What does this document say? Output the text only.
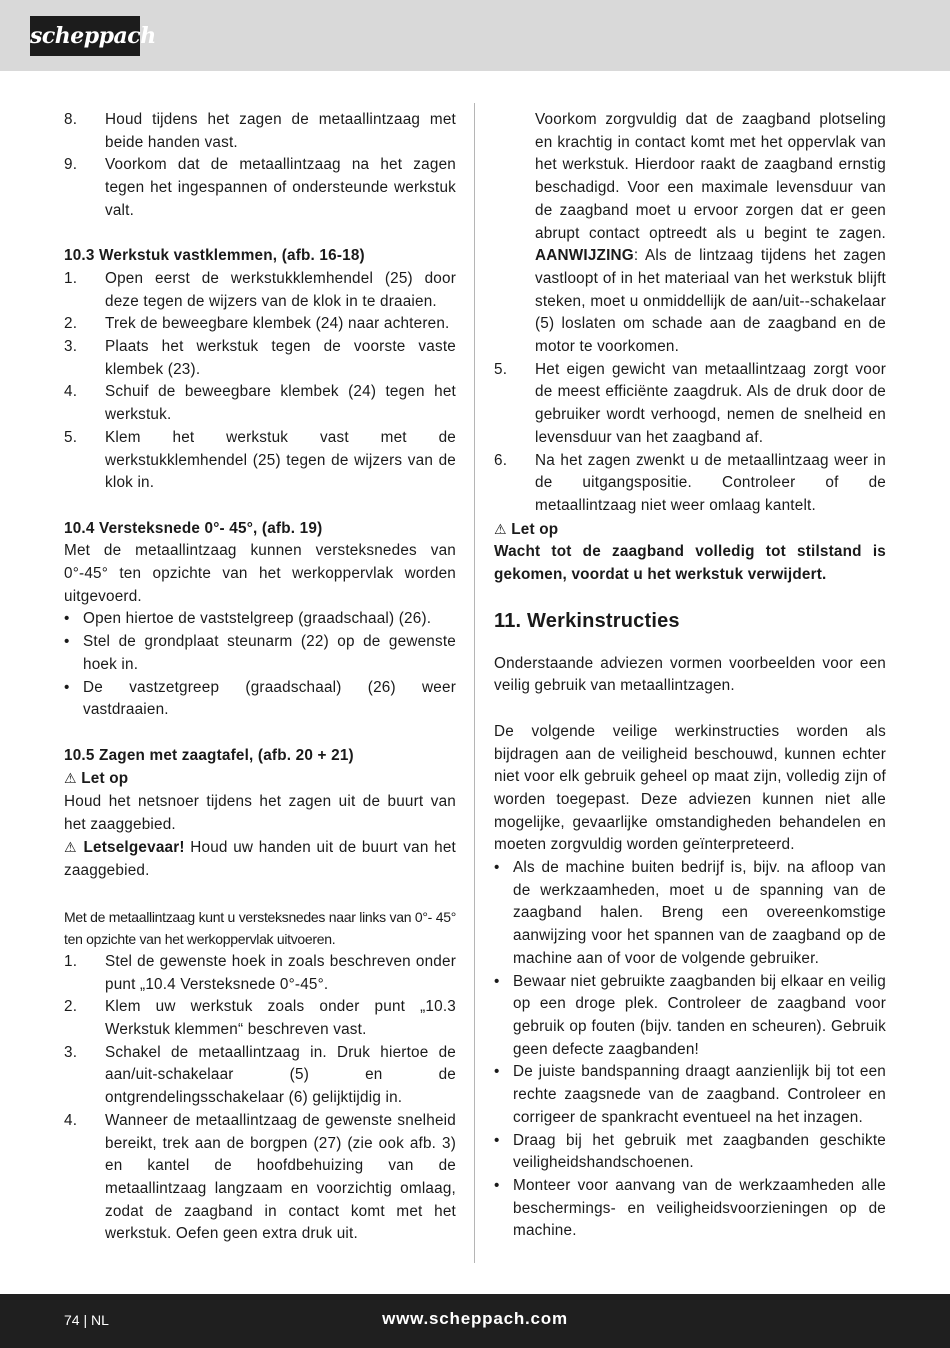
scheppach
8.	Houd tijdens het zagen de metaallintzaag met beide handen vast.
9.	Voorkom dat de metaallintzaag na het zagen tegen het ingespannen of ondersteunde werkstuk valt.

10.3 Werkstuk vastklemmen, (afb. 16-18)

1.	Open eerst de werkstukklemhendel (25) door deze tegen de wijzers van de klok in te draaien.
2.	Trek de beweegbare klembek (24) naar achteren.
3.	Plaats het werkstuk tegen de voorste vaste klembek (23).
4.	Schuif de beweegbare klembek (24) tegen het werkstuk.
5.	Klem het werkstuk vast met de werkstukklemhendel (25) tegen de wijzers van de klok in.

10.4 Versteksnede 0°- 45°, (afb. 19)

Met de metaallintzaag kunnen versteksnedes van 0°-45° ten opzichte van het werkoppervlak worden uitgevoerd.

• Open hiertoe de vaststelgreep (graadschaal) (26).
• Stel de grondplaat steunarm (22) op de gewenste hoek in.
• De vastzetgreep (graadschaal) (26) weer vastdraaien.

10.5 Zagen met zaagtafel, (afb. 20 + 21)

⚠ Let op

Houd het netsnoer tijdens het zagen uit de buurt van het zaaggebied.

⚠ Letselgevaar! Houd uw handen uit de buurt van het zaaggebied.

Met de metaallintzaag kunt u versteksnedes naar links van 0°- 45° ten opzichte van het werkoppervlak uitvoeren.

1.	Stel de gewenste hoek in zoals beschreven onder punt „10.4 Versteksnede 0°-45°.
2.	Klem uw werkstuk zoals onder punt „10.3 Werkstuk klemmen“ beschreven vast.
3.	Schakel de metaallintzaag in. Druk hiertoe de aan/uit-schakelaar (5) en de ontgrendelingsschakelaar (6) gelijktijdig in.
4.	Wanneer de metaallintzaag de gewenste snelheid bereikt, trek aan de borgpen (27) (zie ook afb. 3) en kantel de hoofdbehuizing van de metaallintzaag langzaam en voorzichtig omlaag, zodat de zaagband in contact komt met het werkstuk. Oefen geen extra druk uit.

Voorkom zorgvuldig dat de zaagband plotseling en krachtig in contact komt met het oppervlak van het werkstuk. Hierdoor raakt de zaagband ernstig beschadigd. Voor een maximale levensduur van de zaagband moet u ervoor zorgen dat er geen abrupt contact optreedt als u begint te zagen. AANWIJZING: Als de lintzaag tijdens het zagen vastloopt of in het materiaal van het werkstuk blijft steken, moet u onmiddellijk de aan/uit--schakelaar (5) loslaten om schade aan de zaagband en de motor te voorkomen.

5.	Het eigen gewicht van metaallintzaag zorgt voor de meest efficiënte zaagdruk. Als de druk door de gebruiker wordt verhoogd, nemen de snelheid en levensduur van het zaagband af.
6.	Na het zagen zwenkt u de metaallintzaag weer in de uitgangspositie. Controleer of de metaallintzaag niet weer omlaag kantelt.

⚠ Let op

Wacht tot de zaagband volledig tot stilstand is gekomen, voordat u het werkstuk verwijdert.

11. Werkinstructies

Onderstaande adviezen vormen voorbeelden voor een veilig gebruik van metaallintzagen.

De volgende veilige werkinstructies worden als bijdragen aan de veiligheid beschouwd, kunnen echter niet voor elk gebruik geheel op maat zijn, volledig zijn of worden toegepast. Deze adviezen kunnen niet alle mogelijke, gevaarlijke omstandigheden behandelen en moeten zorgvuldig worden geïnterpreteerd.

• Als de machine buiten bedrijf is, bijv. na afloop van de werkzaamheden, moet u de spanning van de zaagband halen. Breng een overeenkomstige aanwijzing voor het spannen van de zaagband op de machine aan of voor de volgende gebruiker.
• Bewaar niet gebruikte zaagbanden bij elkaar en veilig op een droge plek. Controleer de zaagband voor gebruik op fouten (bijv. tanden en scheuren). Gebruik geen defecte zaagbanden!
• De juiste bandspanning draagt aanzienlijk bij tot een rechte zaagsnede van de zaagband. Controleer en corrigeer de spankracht eventueel na het inzagen.
• Draag bij het gebruik met zaagbanden geschikte veiligheidshandschoenen.
• Monteer voor aanvang van de werkzaamheden alle beschermings- en veiligheidsvoorzieningen op de machine.
74 | NL	www.scheppach.com
